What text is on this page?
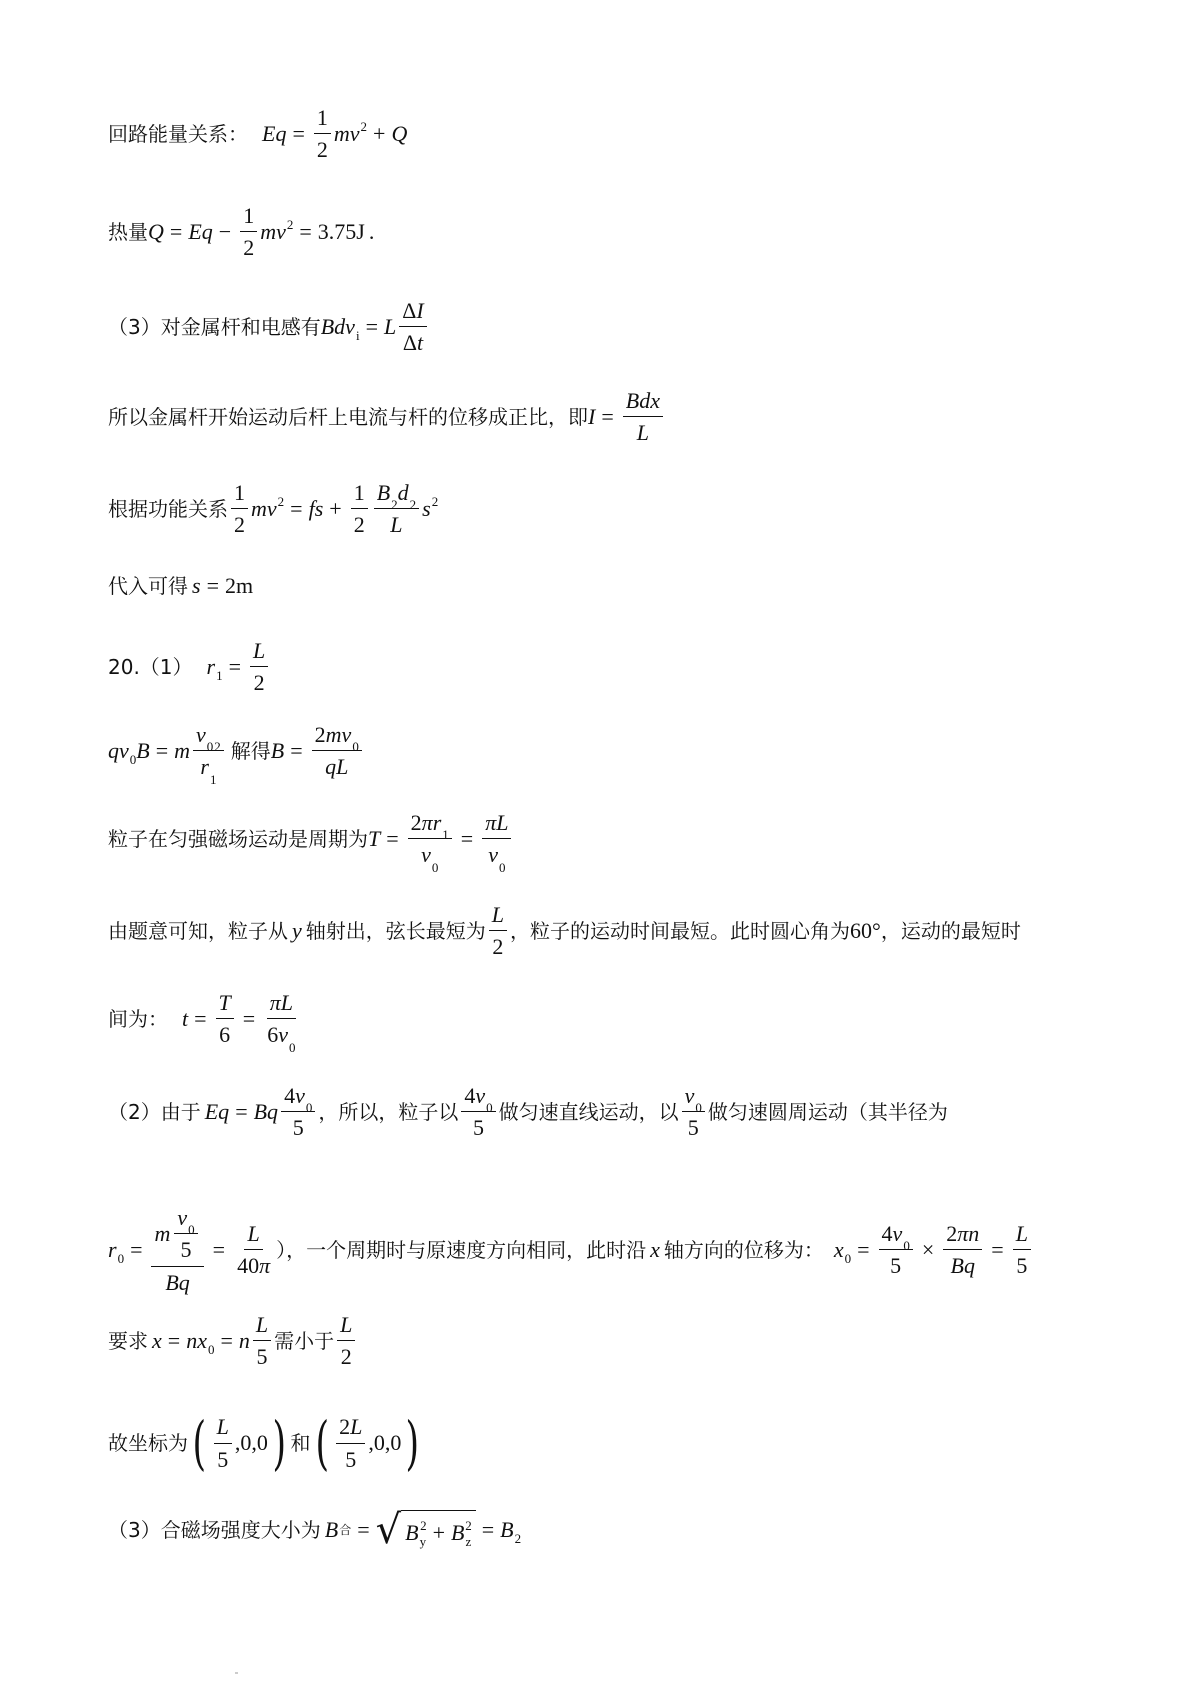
回路能量关系： $Eq = \frac{1}{2} mv^2 + Q$
热量 $Q = Eq - \frac{1}{2} mv^2 = 3.75J$ .
（3）对金属杆和电感有 Bdv$_i$ = L $\frac{\text{Δ I}}{\text{Δ t}}$
所以金属杆开始运动后杆上电流与杆的位移成正比，即 $I = \frac{\text{Bdx}}{L}$
根据功能关系 $\frac{1}{2} mv^2$ = fs + $\frac{1}{2} \frac{B 2 d 2}{L} s^2$
代入可得 s = 2m
20.（1） $r_1 = \frac{L}{2}$
$qv_0B = m \frac{v 0 2}{r 1}$ 解得 $B = \frac{2 mv 0}{qL}$
粒子在匀强磁场运动是周期为 $T = \frac{2 \pi r 1}{v 0} = \frac{\pi L}{v 0}$
由题意可知，粒子从 y 轴射出，弦长最短为 $\frac{L}{2}$ ，粒子的运动时间最短。此时圆心角为 60° ，运动的最短时
间为： $t = \frac{T}{6} = \frac{\pi L}{6 v 0}$
（2）由于 Eq = Bq $\frac{4 v 0}{5}$ ，所以，粒子以 $\frac{4 v 0}{5}$ 做匀速直线运动，以 $\frac{v 0}{5}$ 做匀速圆周运动（其半径为
$r_0 = \frac{m \frac{v 0}{5}}{Bq} = \frac{L}{40 \pi}$ ），一个周期时与原速度方向相同，此时沿 x 轴方向的位移为： $x_0 = \frac{4 v 0}{5} \times \frac{2 \pi n}{Bq} = \frac{L}{5}$
要求 $x = nx_0 = n \frac{L}{5}$ 需小于 $\frac{L}{2}$
故坐标为 ( $\frac{L}{5} ,0,0$ ) 和 ( $\frac{2 L}{5} ,0,0$ )
（3）合磁场强度大小为 B 合 = √ $B_y^2 + B_z^2 = B_2$
